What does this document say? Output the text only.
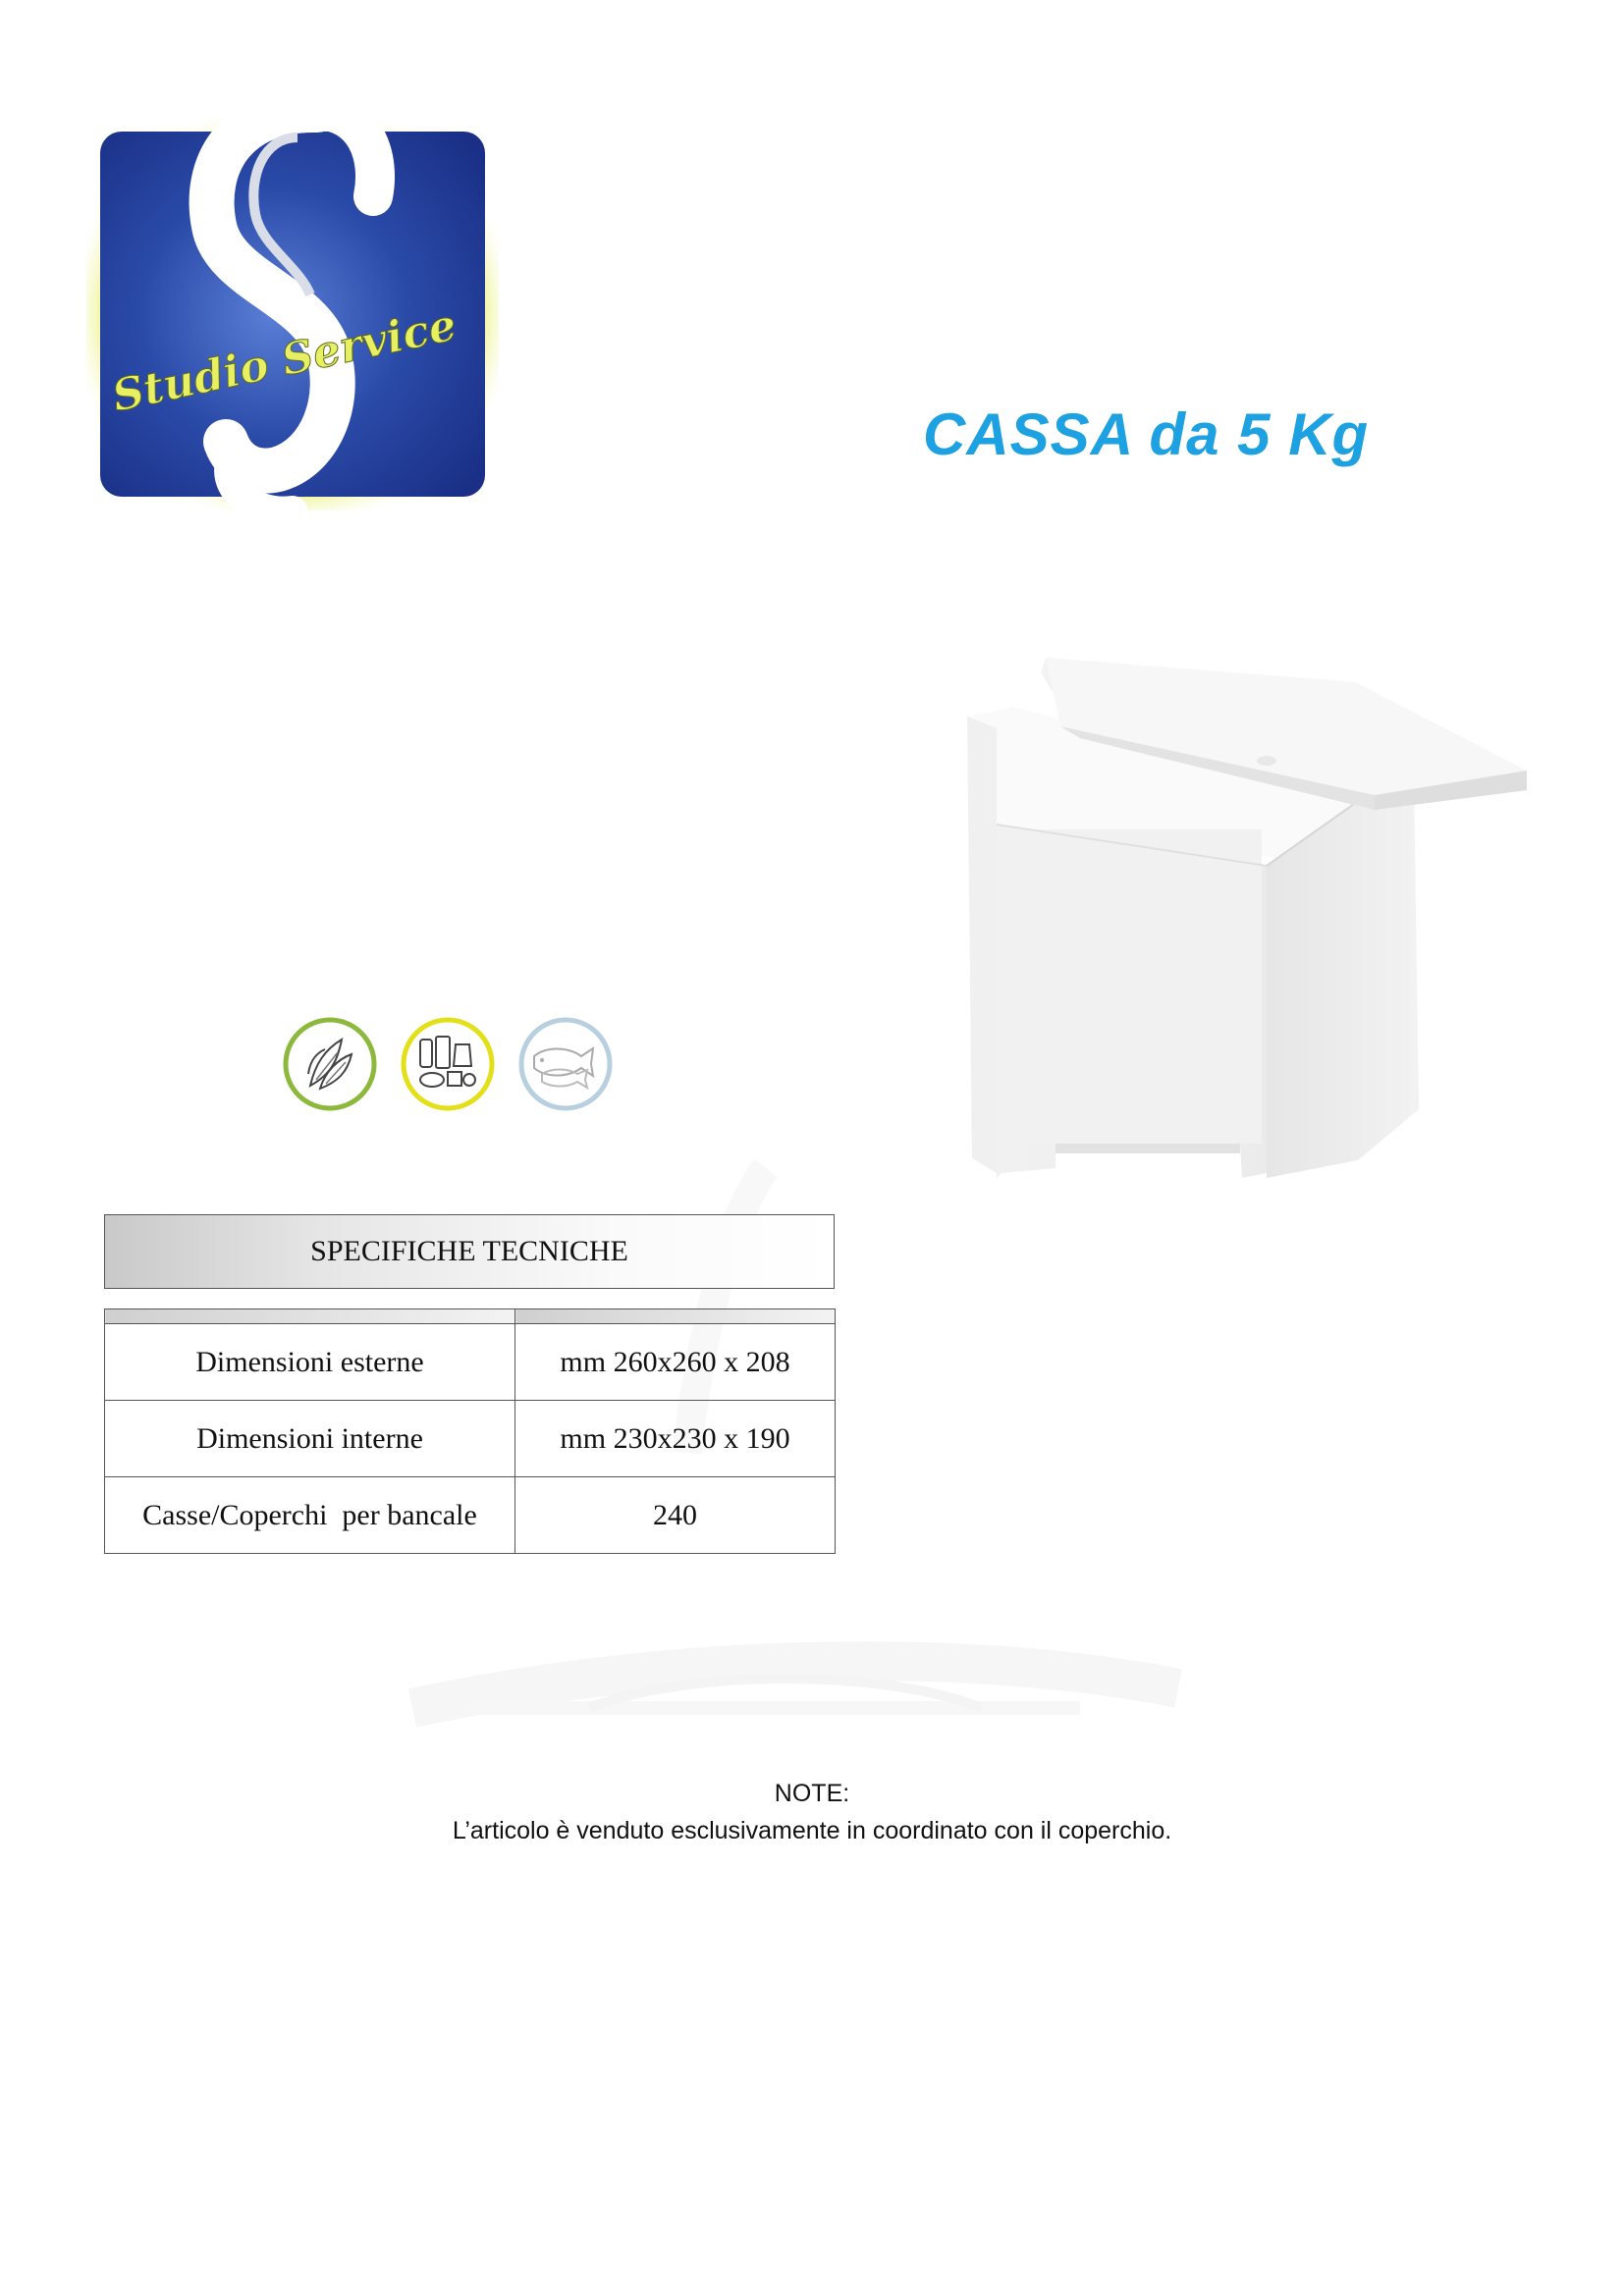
Studio Service
CASSA da 5 Kg
SPECIFICHE TECNICHE

Dimensioni esterne	mm 260x260 x 208
Dimensioni interne	mm 230x230 x 190
Casse/Coperchi  per bancale	240
NOTE:
L’articolo è venduto esclusivamente in coordinato con il coperchio.
